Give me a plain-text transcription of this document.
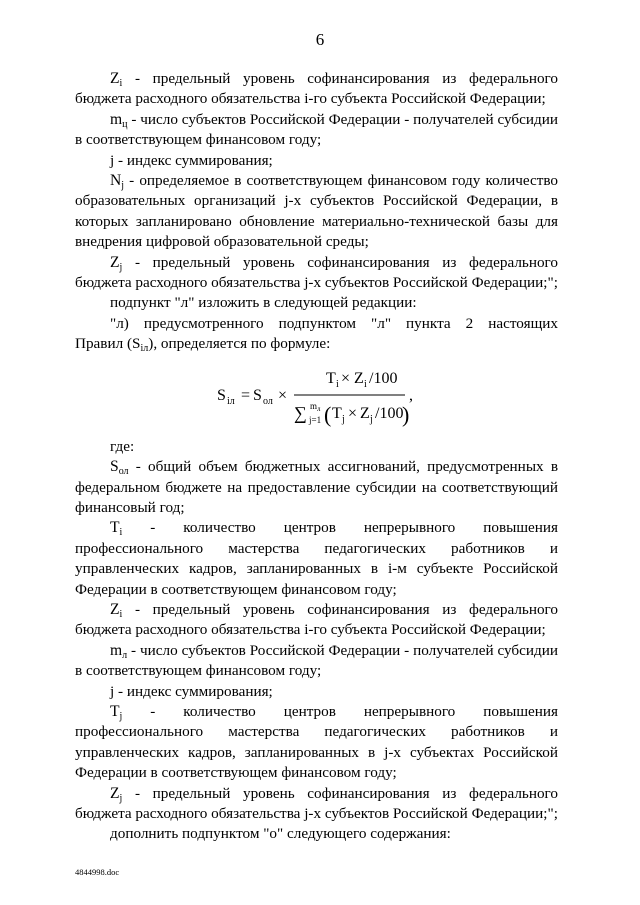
6

$Z_i$ - предельный уровень софинансирования из федерального бюджета расходного обязательства i-го субъекта Российской Федерации;

$m_ц$ - число субъектов Российской Федерации - получателей субсидии в соответствующем финансовом году;

j - индекс суммирования;

$N_j$ - определяемое в соответствующем финансовом году количество образовательных организаций j-х субъектов Российской Федерации, в которых запланировано обновление материально-технической базы для внедрения цифровой образовательной среды;

$Z_j$ - предельный уровень софинансирования из федерального бюджета расходного обязательства j-х субъектов Российской Федерации;";

подпункт "л" изложить в следующей редакции:

"л) предусмотренного подпунктом "л" пункта 2 настоящих

Правил $(S_{iл})$, определяется по формуле:

S iл = S ол ×
T i × Z i /100
∑ m л
j=1 ( T j × Z j /100
)
,

где:

$S_{ол}$ - общий объем бюджетных ассигнований, предусмотренных в федеральном бюджете на предоставление субсидии на соответствующий финансовый год;

$T_i$ - количество центров непрерывного повышения профессионального мастерства педагогических работников и управленческих кадров, запланированных в i-м субъекте Российской Федерации в соответствующем финансовом году;

$Z_i$ - предельный уровень софинансирования из федерального бюджета расходного обязательства i-го субъекта Российской Федерации;

$m_л$ - число субъектов Российской Федерации - получателей субсидии в соответствующем финансовом году;

j - индекс суммирования;

$T_j$ - количество центров непрерывного повышения профессионального мастерства педагогических работников и управленческих кадров, запланированных в j-х субъектах Российской Федерации в соответствующем финансовом году;

$Z_j$ - предельный уровень софинансирования из федерального бюджета расходного обязательства j-х субъектов Российской Федерации;";

дополнить подпунктом "о" следующего содержания:

4844998.doc
